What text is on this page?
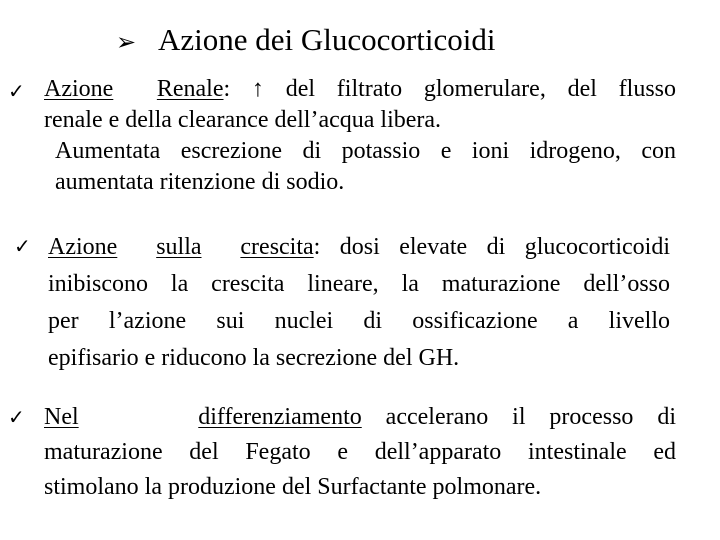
➢ Azione dei Glucocorticoidi
✓ Azione Renale: ↑ del filtrato glomerulare, del flusso
renale e della clearance dell’acqua libera.
Aumentata escrezione di potassio e ioni idrogeno, con
aumentata ritenzione di sodio.
✓ Azione sulla crescita: dosi elevate di glucocorticoidi
inibiscono la crescita lineare, la maturazione dell’osso
per l’azione sui nuclei di ossificazione a livello
epifisario e riducono la secrezione del GH.
✓ Nel	differenziamento accelerano il processo di
maturazione del Fegato e dell’apparato intestinale ed
stimolano la produzione del Surfactante polmonare.
